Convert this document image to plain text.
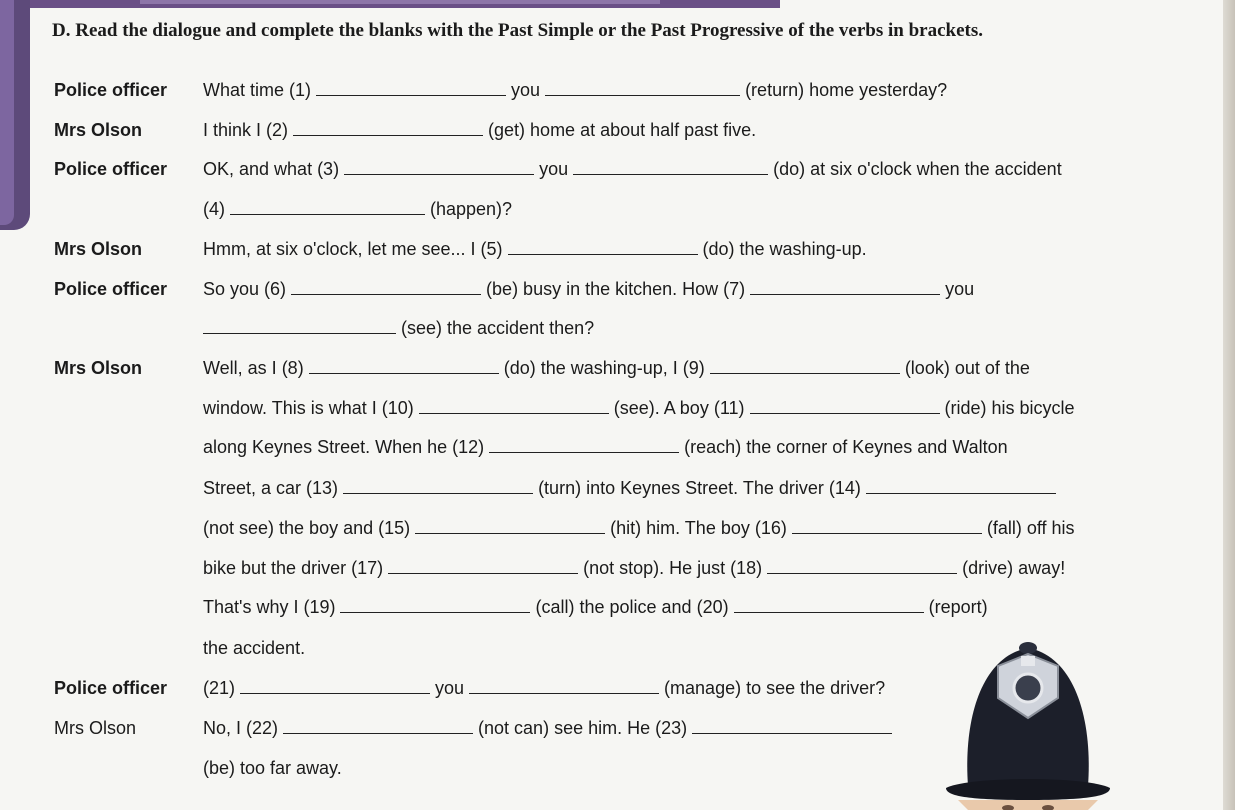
D. Read the dialogue and complete the blanks with the Past Simple or the Past Progressive of the verbs in brackets.
Police officer What time (1)	you	(return) home yesterday?
Mrs Olson	I think I (2)	(get) home at about half past five.
Police officer OK, and what (3)	you	(do) at six o'clock when the accident
(4)	(happen)?
Mrs Olson	Hmm, at six o'clock, let me see... I (5)	(do) the washing-up.
Police officer So you (6)	(be) busy in the kitchen. How (7)	you
(see) the accident then?
Mrs Olson	Well, as I (8)	(do) the washing-up, I (9)	(look) out of the
window. This is what I (10)	(see). A boy (11)	(ride) his bicycle
along Keynes Street. When he (12)	(reach) the corner of Keynes and Walton
Street, a car (13)	(turn) into Keynes Street. The driver (14)
(not see) the boy and (15)	(hit) him. The boy (16)	(fall) off his
bike but the driver (17)	(not stop). He just (18)	(drive) away!
That's why I (19)	(call) the police and (20)	(report)
the accident.
Police officer (21)	you	(manage) to see the driver?
Mrs Olson	No, I (22)	(not can) see him. He (23)
(be) too far away.
